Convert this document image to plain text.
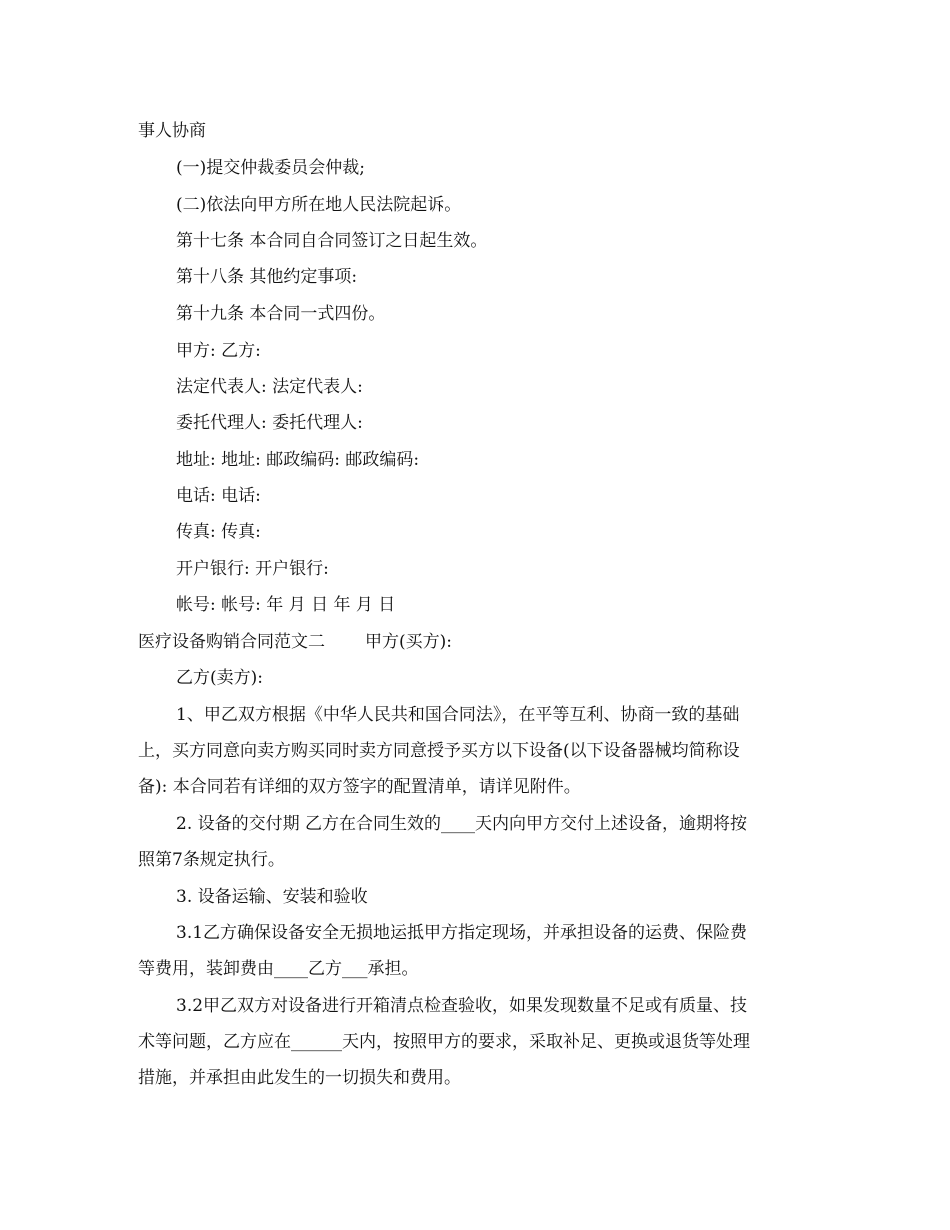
事人协商
(一)提交仲裁委员会仲裁;
(二)依法向甲方所在地人民法院起诉。
第十七条 本合同自合同签订之日起生效。
第十八条 其他约定事项:
第十九条 本合同一式四份。
甲方: 乙方:
法定代表人: 法定代表人:
委托代理人: 委托代理人:
地址: 地址: 邮政编码: 邮政编码:
电话: 电话:
传真: 传真:
开户银行: 开户银行:
帐号: 帐号: 年 月 日 年 月 日
医疗设备购销合同范文二 甲方(买方):
乙方(卖方):
1、甲乙双方根据《中华人民共和国合同法》，在平等互利、协商一致的基础
上，买方同意向卖方购买同时卖方同意授予买方以下设备(以下设备器械均简称设
备): 本合同若有详细的双方签字的配置清单，请详见附件。
2. 设备的交付期 乙方在合同生效的____天内向甲方交付上述设备，逾期将按
照第7条规定执行。
3. 设备运输、安装和验收
3.1乙方确保设备安全无损地运抵甲方指定现场，并承担设备的运费、保险费
等费用，装卸费由____乙方___承担。
3.2甲乙双方对设备进行开箱清点检查验收，如果发现数量不足或有质量、技
术等问题，乙方应在______天内，按照甲方的要求，采取补足、更换或退货等处理
措施，并承担由此发生的一切损失和费用。
